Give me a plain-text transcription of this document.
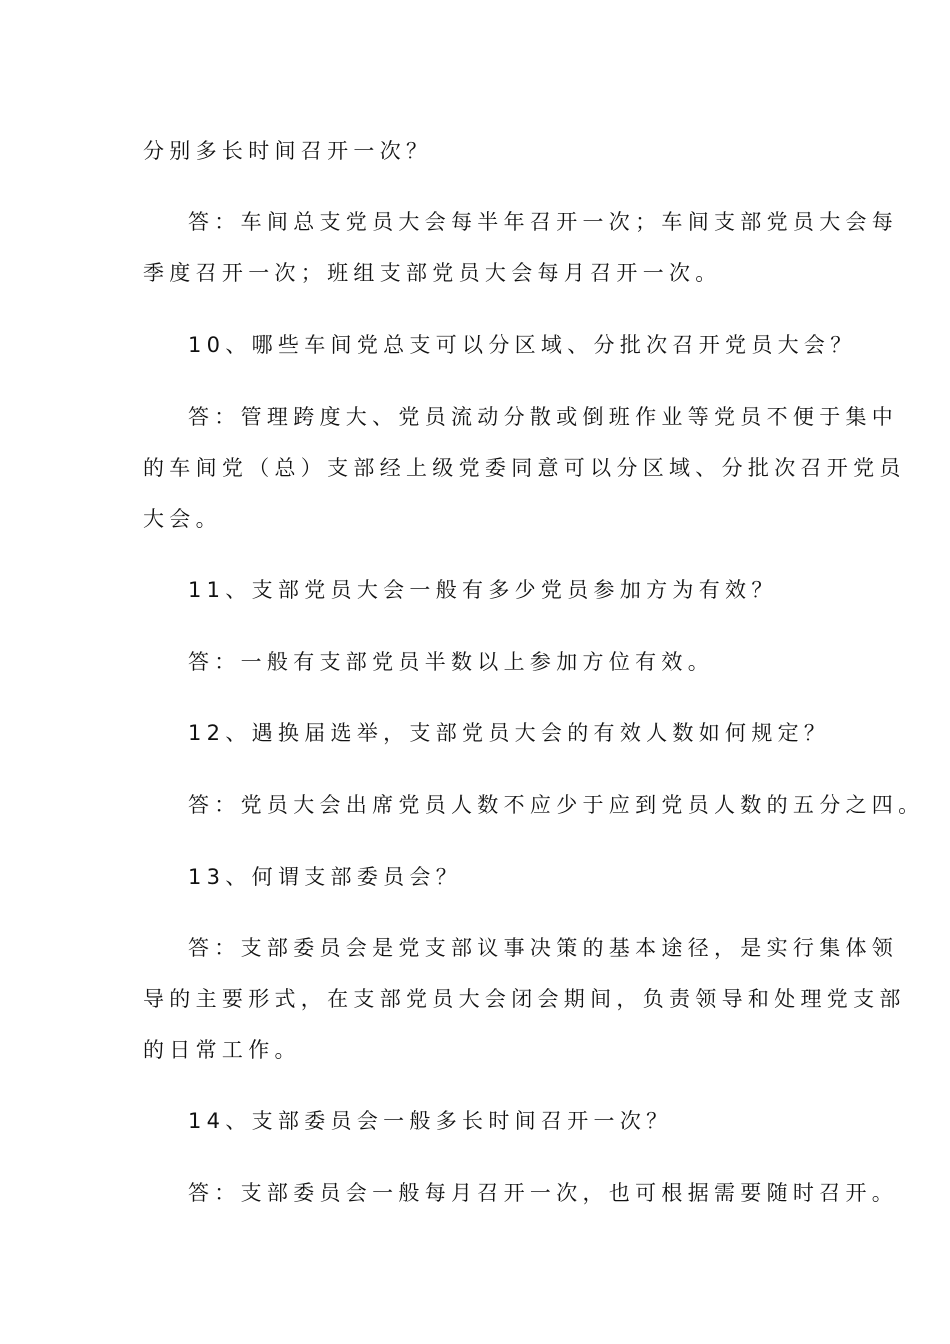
分别多长时间召开一次？
答：车间总支党员大会每半年召开一次；车间支部党员大会每
季度召开一次；班组支部党员大会每月召开一次。
10、哪些车间党总支可以分区域、分批次召开党员大会？
答：管理跨度大、党员流动分散或倒班作业等党员不便于集中
的车间党（总）支部经上级党委同意可以分区域、分批次召开党员
大会。
11、支部党员大会一般有多少党员参加方为有效？
答：一般有支部党员半数以上参加方位有效。
12、遇换届选举，支部党员大会的有效人数如何规定？
答：党员大会出席党员人数不应少于应到党员人数的五分之四。
13、何谓支部委员会？
答：支部委员会是党支部议事决策的基本途径，是实行集体领
导的主要形式，在支部党员大会闭会期间，负责领导和处理党支部
的日常工作。
14、支部委员会一般多长时间召开一次？
答：支部委员会一般每月召开一次，也可根据需要随时召开。
